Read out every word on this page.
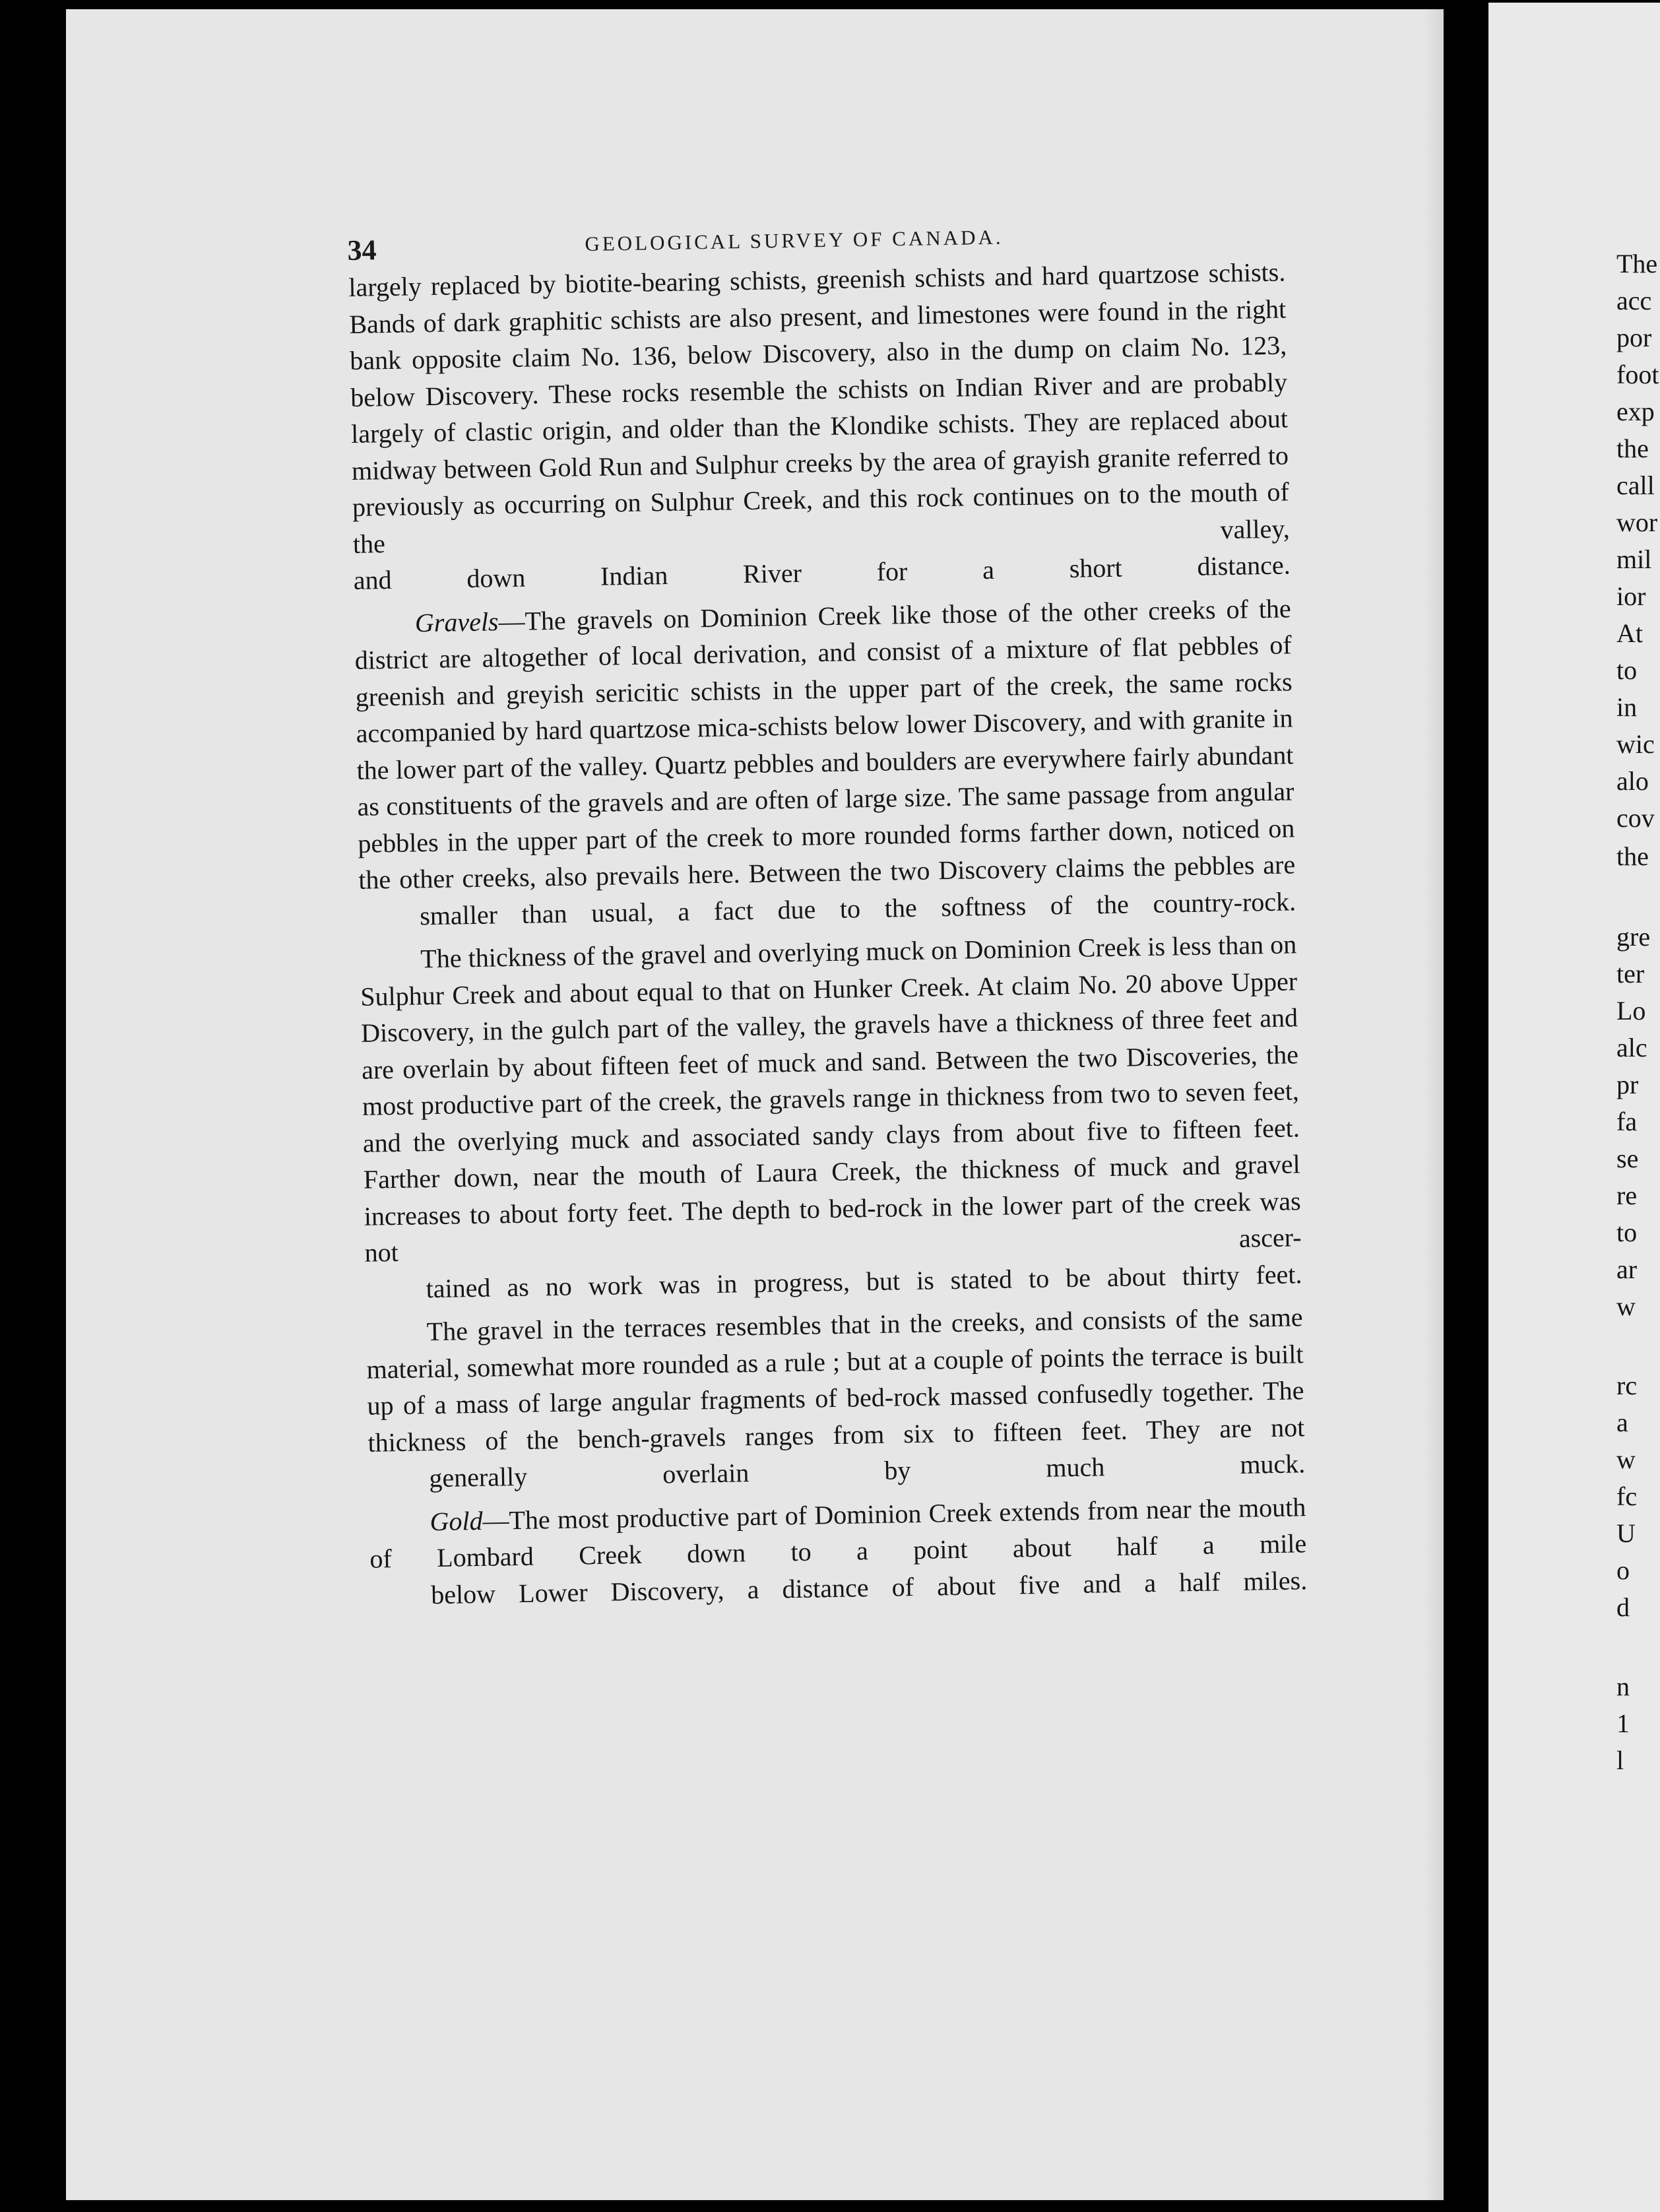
The
acc
por
foot
exp
the
call
wor
mil
ior
At
to
in
wic
alo
cov
the
gre
ter
Lo
alc
pr
fa
se
re
to
ar
w
rc
a
w
fc
U
o
d
n
1
l
34	GEOLOGICAL SURVEY OF CANADA.

largely replaced by biotite-bearing schists, greenish schists and hard quartzose schists. Bands of dark graphitic schists are also present, and limestones were found in the right bank opposite claim No. 136, below Discovery, also in the dump on claim No. 123, below Discovery. These rocks resemble the schists on Indian River and are probably largely of clastic origin, and older than the Klondike schists. They are replaced about midway between Gold Run and Sulphur creeks by the area of grayish granite referred to previously as occurring on Sulphur Creek, and this rock continues on to the mouth of the valley,
and down Indian River for a short distance.

Gravels—The gravels on Dominion Creek like those of the other creeks of the district are altogether of local derivation, and consist of a mixture of flat pebbles of greenish and greyish sericitic schists in the upper part of the creek, the same rocks accompanied by hard quartzose mica-schists below lower Discovery, and with granite in the lower part of the valley. Quartz pebbles and boulders are everywhere fairly abundant as constituents of the gravels and are often of large size. The same passage from angular pebbles in the upper part of the creek to more rounded forms farther down, noticed on the other creeks, also prevails here. Between the two Discovery claims the pebbles are
smaller than usual, a fact due to the softness of the country-rock.

The thickness of the gravel and overlying muck on Dominion Creek is less than on Sulphur Creek and about equal to that on Hunker Creek. At claim No. 20 above Upper Discovery, in the gulch part of the valley, the gravels have a thickness of three feet and are overlain by about fifteen feet of muck and sand. Between the two Discoveries, the most productive part of the creek, the gravels range in thickness from two to seven feet, and the overlying muck and associated sandy clays from about five to fifteen feet. Farther down, near the mouth of Laura Creek, the thickness of muck and gravel increases to about forty feet. The depth to bed-rock in the lower part of the creek was not ascer-
tained as no work was in progress, but is stated to be about thirty feet.

The gravel in the terraces resembles that in the creeks, and consists of the same material, somewhat more rounded as a rule ; but at a couple of points the terrace is built up of a mass of large angular fragments of bed-rock massed confusedly together. The thickness of the bench-gravels ranges from six to fifteen feet. They are not
generally overlain by much muck.

Gold—The most productive part of Dominion Creek extends from near the mouth of Lombard Creek down to a point about half a mile
below Lower Discovery, a distance of about five and a half miles.
